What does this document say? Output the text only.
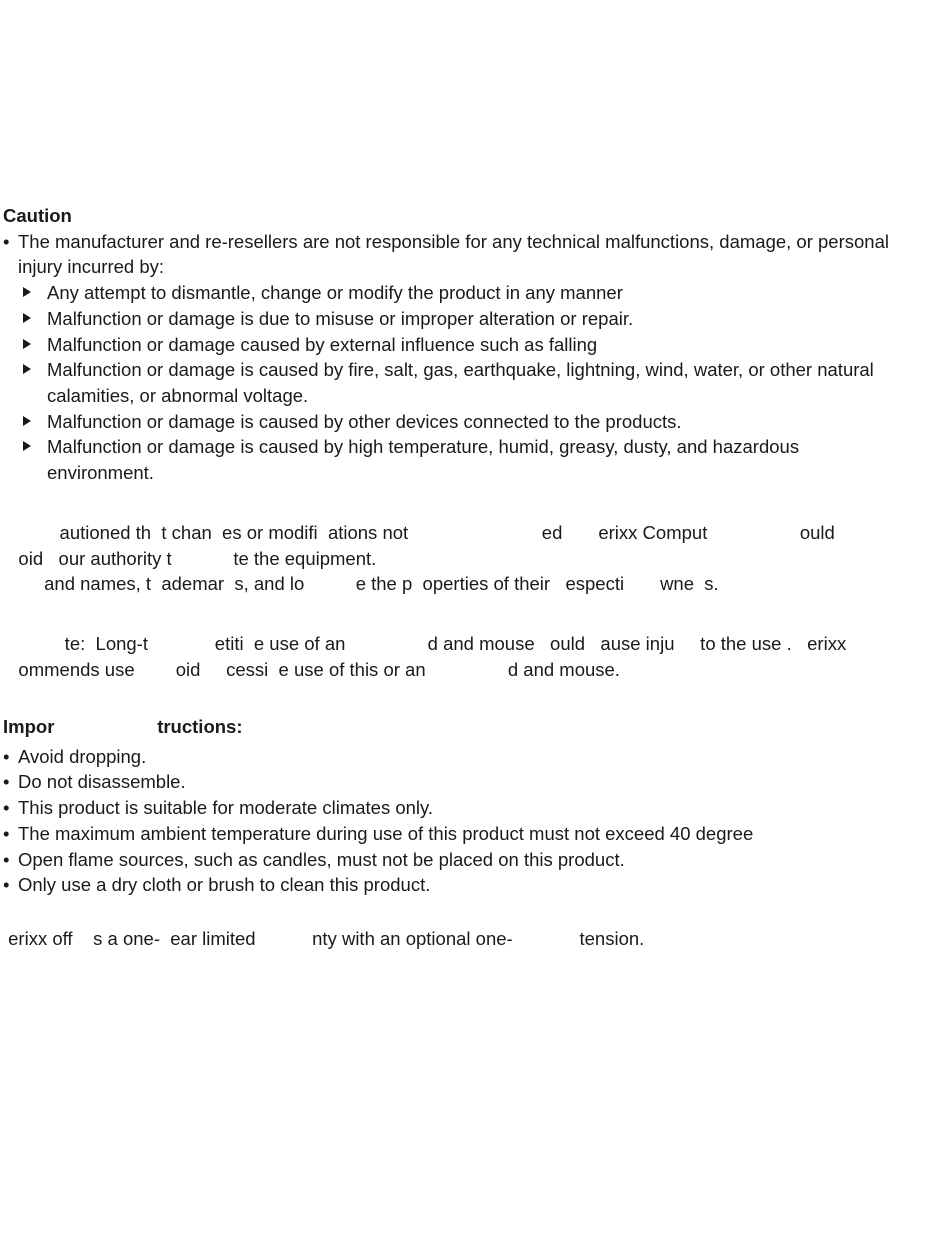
Caution
• The manufacturer and re-resellers are not responsible for any technical malfunctions, damage, or personal injury incurred by:
Any attempt to dismantle, change or modify the product in any manner
Malfunction or damage is due to misuse or improper alteration or repair.
Malfunction or damage caused by external influence such as falling
Malfunction or damage is caused by fire, salt, gas, earthquake, lightning, wind, water, or other natural calamities, or abnormal voltage.
Malfunction or damage is caused by other devices connected to the products.
Malfunction or damage is caused by high temperature, humid, greasy, dusty, and hazardous environment.
autioned th  t chan  es or modifi  ations not                          ed       erixx Comput                  ould
oid   our authority t            te the equipment.
and names, t  ademar  s, and lo          e the p  operties of their   especti       wne  s.
te:  Long-t             etiti  e use of an                d and mouse   ould   ause inju     to the use .   erixx
ommends use        oid     cessi  e use of this or an                d and mouse.
Impor                    tructions:
• Avoid dropping.
• Do not disassemble.
• This product is suitable for moderate climates only.
• The maximum ambient temperature during use of this product must not exceed 40 degree
• Open flame sources, such as candles, must not be placed on this product.
• Only use a dry cloth or brush to clean this product.
erixx off    s a one-  ear limited           nty with an optional one-             tension.
